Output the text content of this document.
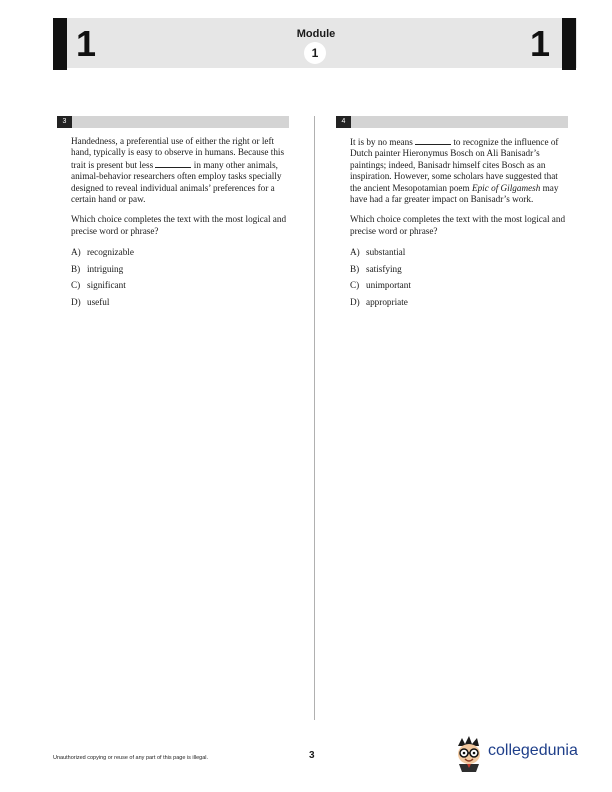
1	1
Module
1
3
Handedness, a preferential use of either the right or left hand, typically is easy to observe in humans. Because this trait is present but less	in many other animals, animal-behavior researchers often employ tasks specially designed to reveal individual animals’ preferences for a certain hand or paw.
Which choice completes the text with the most logical and precise word or phrase?
A) recognizable
B) intriguing
C) significant
D) useful
4
It is by no means	to recognize the influence of Dutch painter Hieronymus Bosch on Ali Banisadr’s paintings; indeed, Banisadr himself cites Bosch as an inspiration. However, some scholars have suggested that the ancient Mesopotamian poem Epic of Gilgamesh may have had a far greater impact on Banisadr’s work.
Which choice completes the text with the most logical and precise word or phrase?
A) substantial
B) satisfying
C) unimportant
D) appropriate
Unauthorized copying or reuse of any part of this page is illegal.	3	collegedunia
